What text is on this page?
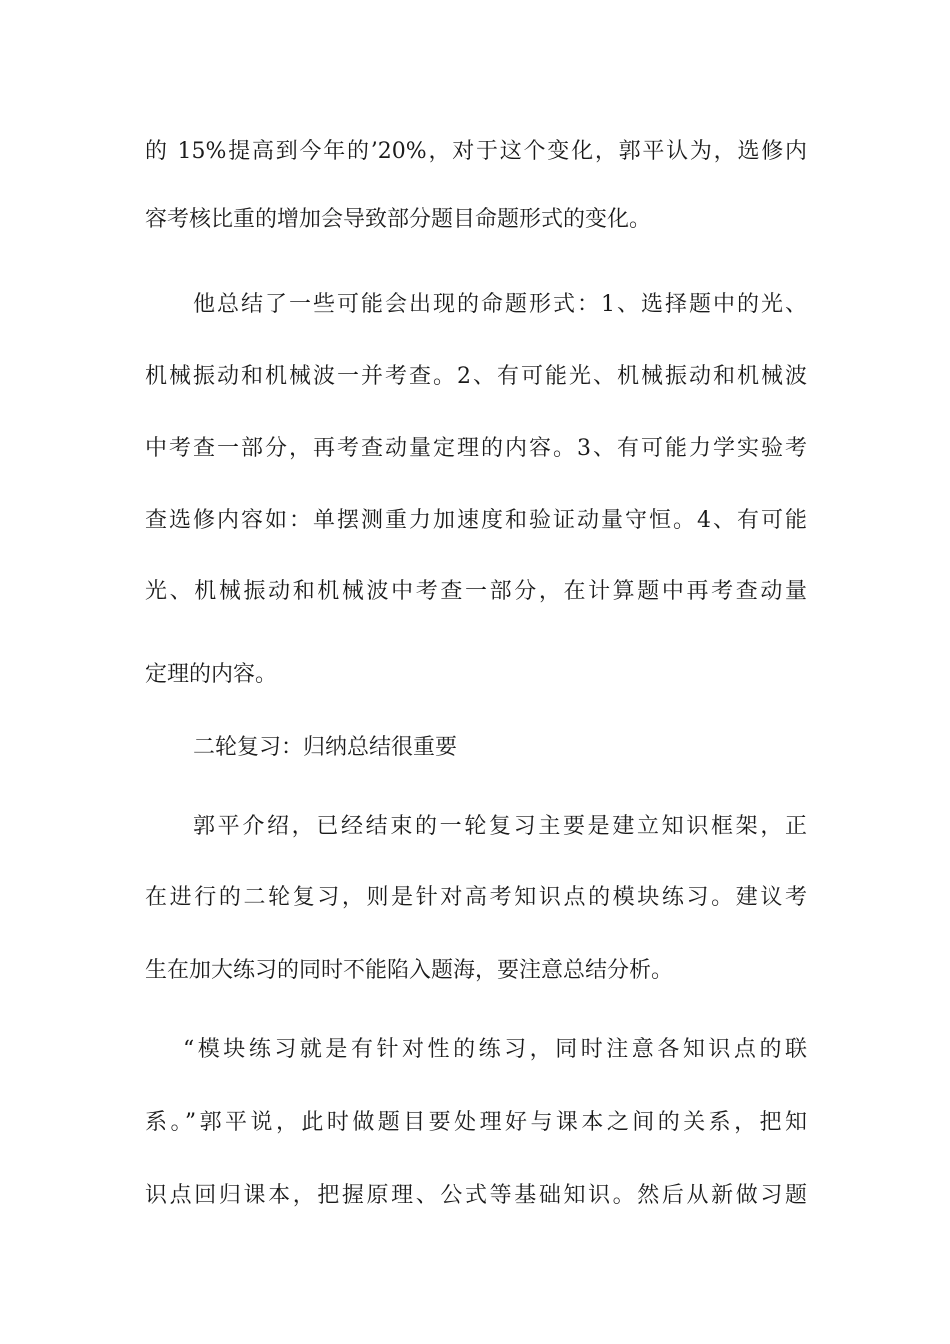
的 15%提高到今年的’20%，对于这个变化，郭平认为，选修内
容考核比重的增加会导致部分题目命题形式的变化。
他总结了一些可能会出现的命题形式：1、选择题中的光、
机械振动和机械波一并考查。2、有可能光、机械振动和机械波
中考查一部分，再考查动量定理的内容。3、有可能力学实验考
查选修内容如：单摆测重力加速度和验证动量守恒。4、有可能
光、机械振动和机械波中考查一部分，在计算题中再考查动量
定理的内容。
二轮复习：归纳总结很重要
郭平介绍，已经结束的一轮复习主要是建立知识框架，正
在进行的二轮复习，则是针对高考知识点的模块练习。建议考
生在加大练习的同时不能陷入题海，要注意总结分析。
“模块练习就是有针对性的练习，同时注意各知识点的联
系。”郭平说，此时做题目要处理好与课本之间的关系，把知
识点回归课本，把握原理、公式等基础知识。然后从新做习题
